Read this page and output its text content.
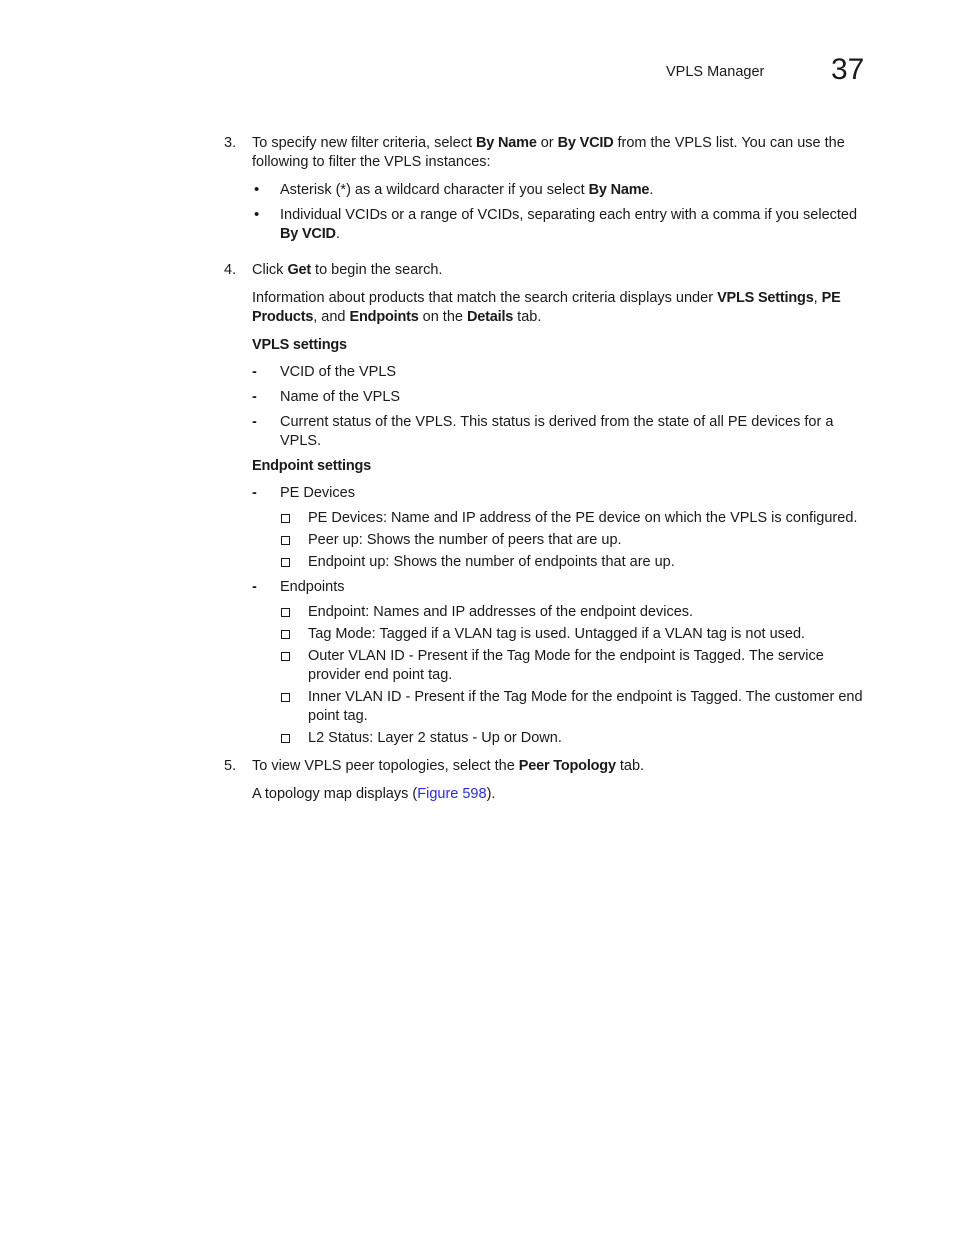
VPLS Manager 37
3.	To specify new filter criteria, select By Name or By VCID from the VPLS list. You can use the following to filter the VPLS instances:
• Asterisk (*) as a wildcard character if you select By Name.
• Individual VCIDs or a range of VCIDs, separating each entry with a comma if you selected By VCID.
4.	Click Get to begin the search.
Information about products that match the search criteria displays under VPLS Settings, PE Products, and Endpoints on the Details tab.
VPLS settings
- VCID of the VPLS
- Name of the VPLS
- Current status of the VPLS. This status is derived from the state of all PE devices for a VPLS.
Endpoint settings
- PE Devices
PE Devices: Name and IP address of the PE device on which the VPLS is configured.
Peer up: Shows the number of peers that are up.
Endpoint up: Shows the number of endpoints that are up.
- Endpoints
Endpoint: Names and IP addresses of the endpoint devices.
Tag Mode: Tagged if a VLAN tag is used. Untagged if a VLAN tag is not used.
Outer VLAN ID - Present if the Tag Mode for the endpoint is Tagged. The service provider end point tag.
Inner VLAN ID - Present if the Tag Mode for the endpoint is Tagged. The customer end point tag.
L2 Status: Layer 2 status - Up or Down.
5.	To view VPLS peer topologies, select the Peer Topology tab.
A topology map displays (Figure 598).
